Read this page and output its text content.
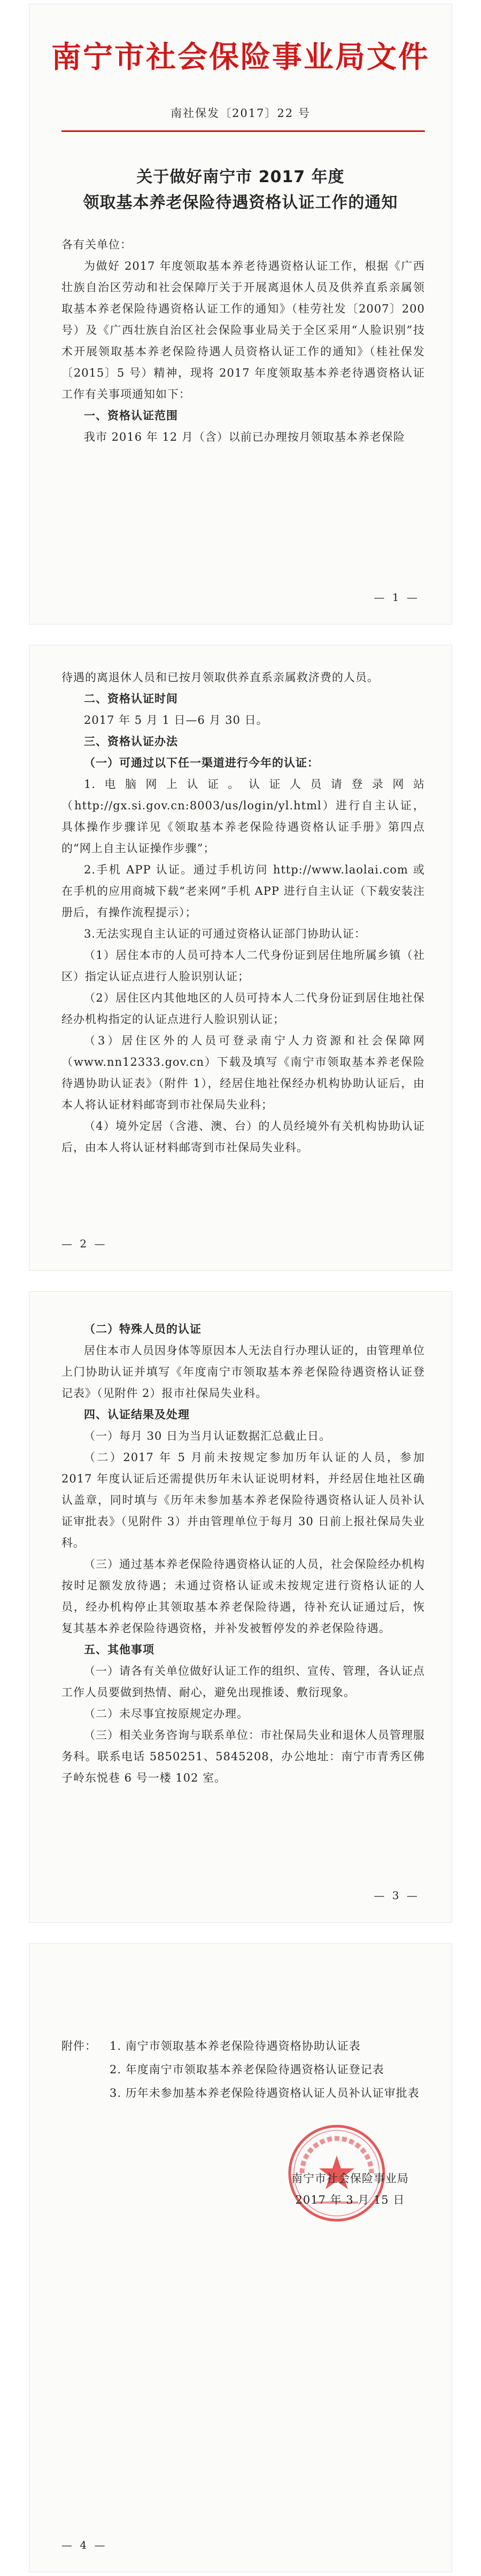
南宁市社会保险事业局文件
南社保发〔2017〕22 号
关于做好南宁市 2017 年度
领取基本养老保险待遇资格认证工作的通知

各有关单位：

为做好 2017 年度领取基本养老待遇资格认证工作，根据《广西壮族自治区劳动和社会保障厅关于开展离退休人员及供养直系亲属领取基本养老保险待遇资格认证工作的通知》（桂劳社发〔2007〕200 号）及《广西壮族自治区社会保险事业局关于全区采用“人脸识别”技术开展领取基本养老保险待遇人员资格认证工作的通知》（桂社保发〔2015〕5 号）精神，现将 2017 年度领取基本养老待遇资格认证工作有关事项通知如下：

一、资格认证范围

我市 2016 年 12 月（含）以前已办理按月领取基本养老保险

— 1 —

待遇的离退休人员和已按月领取供养直系亲属救济费的人员。

二、资格认证时间

2017 年 5 月 1 日—6 月 30 日。

三、资格认证办法

（一）可通过以下任一渠道进行今年的认证：

1.电脑网上认证。认证人员请登录网站（http://gx.si.gov.cn:8003/us/login/yl.html）进行自主认证，具体操作步骤详见《领取基本养老保险待遇资格认证手册》第四点的“网上自主认证操作步骤”；

2.手机 APP 认证。通过手机访问 http://www.laolai.com 或在手机的应用商城下载“老来网”手机 APP 进行自主认证（下载安装注册后，有操作流程提示）；

3.无法实现自主认证的可通过资格认证部门协助认证：

（1）居住本市的人员可持本人二代身份证到居住地所属乡镇（社区）指定认证点进行人脸识别认证；

（2）居住区内其他地区的人员可持本人二代身份证到居住地社保经办机构指定的认证点进行人脸识别认证；

（3）居住区外的人员可登录南宁人力资源和社会保障网（www.nn12333.gov.cn）下载及填写《南宁市领取基本养老保险待遇协助认证表》（附件 1），经居住地社保经办机构协助认证后，由本人将认证材料邮寄到市社保局失业科；

（4）境外定居（含港、澳、台）的人员经境外有关机构协助认证后，由本人将认证材料邮寄到市社保局失业科。

— 2 —

（二）特殊人员的认证

居住本市人员因身体等原因本人无法自行办理认证的，由管理单位上门协助认证并填写《年度南宁市领取基本养老保险待遇资格认证登记表》（见附件 2）报市社保局失业科。

四、认证结果及处理

（一）每月 30 日为当月认证数据汇总截止日。

（二）2017 年 5 月前未按规定参加历年认证的人员，参加 2017 年度认证后还需提供历年未认证说明材料，并经居住地社区确认盖章，同时填与《历年未参加基本养老保险待遇资格认证人员补认证审批表》（见附件 3）并由管理单位于每月 30 日前上报社保局失业科。

（三）通过基本养老保险待遇资格认证的人员，社会保险经办机构按时足额发放待遇；未通过资格认证或未按规定进行资格认证的人员，经办机构停止其领取基本养老保险待遇，待补充认证通过后，恢复其基本养老保险待遇资格，并补发被暂停发的养老保险待遇。

五、其他事项

（一）请各有关单位做好认证工作的组织、宣传、管理，各认证点工作人员要做到热情、耐心，避免出现推诿、敷衍现象。

（二）未尽事宜按原规定办理。

（三）相关业务咨询与联系单位：市社保局失业和退休人员管理服务科。联系电话 5850251、5845208，办公地址：南宁市青秀区佛子岭东悦巷 6 号一楼 102 室。

— 3 —
附件：	1. 南宁市领取基本养老保险待遇资格协助认证表
2. 年度南宁市领取基本养老保险待遇资格认证登记表
3. 历年未参加基本养老保险待遇资格认证人员补认证审批表
南宁市社会保险事业局
2017 年 3 月 15 日
— 4 —
